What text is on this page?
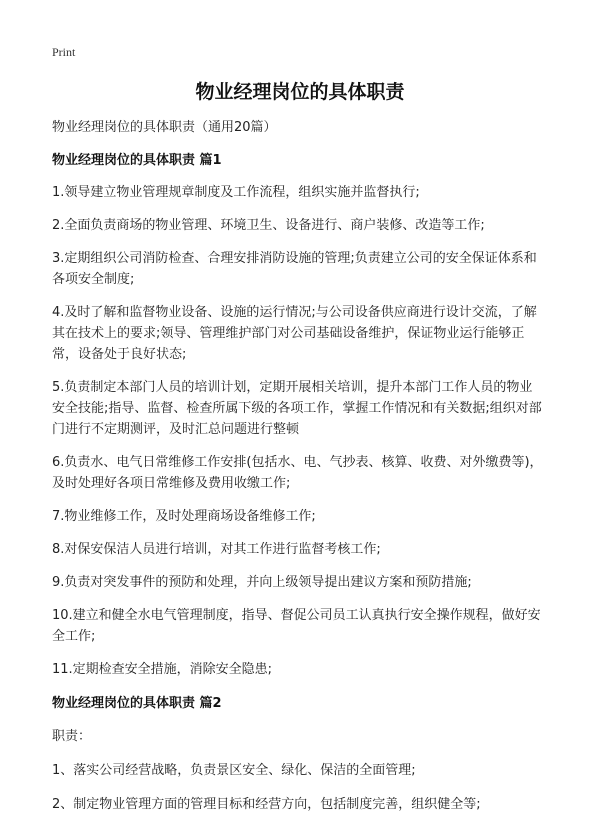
Print

物业经理岗位的具体职责

物业经理岗位的具体职责（通用20篇）

物业经理岗位的具体职责 篇1

1.领导建立物业管理规章制度及工作流程，组织实施并监督执行;

2.全面负责商场的物业管理、环境卫生、设备进行、商户装修、改造等工作;

3.定期组织公司消防检查、合理安排消防设施的管理;负责建立公司的安全保证体系和各项安全制度;

4.及时了解和监督物业设备、设施的运行情况;与公司设备供应商进行设计交流，了解其在技术上的要求;领导、管理维护部门对公司基础设备维护，保证物业运行能够正常，设备处于良好状态;

5.负责制定本部门人员的培训计划，定期开展相关培训，提升本部门工作人员的物业安全技能;指导、监督、检查所属下级的各项工作，掌握工作情况和有关数据;组织对部门进行不定期测评，及时汇总问题进行整顿

6.负责水、电气日常维修工作安排(包括水、电、气抄表、核算、收费、对外缴费等)，及时处理好各项日常维修及费用收缴工作;

7.物业维修工作，及时处理商场设备维修工作;

8.对保安保洁人员进行培训，对其工作进行监督考核工作;

9.负责对突发事件的预防和处理，并向上级领导提出建议方案和预防措施;

10.建立和健全水电气管理制度，指导、督促公司员工认真执行安全操作规程，做好安全工作;

11.定期检查安全措施，消除安全隐患;

物业经理岗位的具体职责 篇2

职责：

1、落实公司经营战略，负责景区安全、绿化、保洁的全面管理;

2、制定物业管理方面的管理目标和经营方向，包括制度完善，组织健全等;
